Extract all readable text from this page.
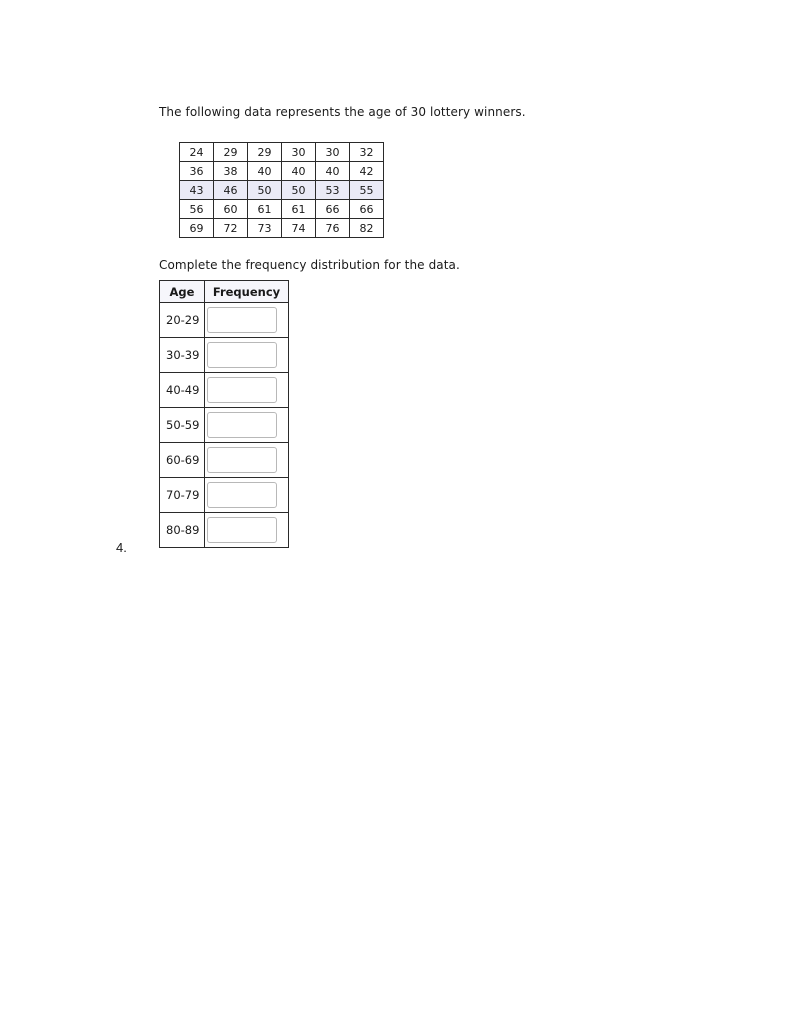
The following data represents the age of 30 lottery winners.

24	29	29	30	30	32
36	38	40	40	40	42
43	46	50	50	53	55
56	60	61	61	66	66
69	72	73	74	76	82

Complete the frequency distribution for the data.

Age	Frequency
20-29	

30-39	

40-49	

50-59	

60-69	

70-79	

80-89	

4.
